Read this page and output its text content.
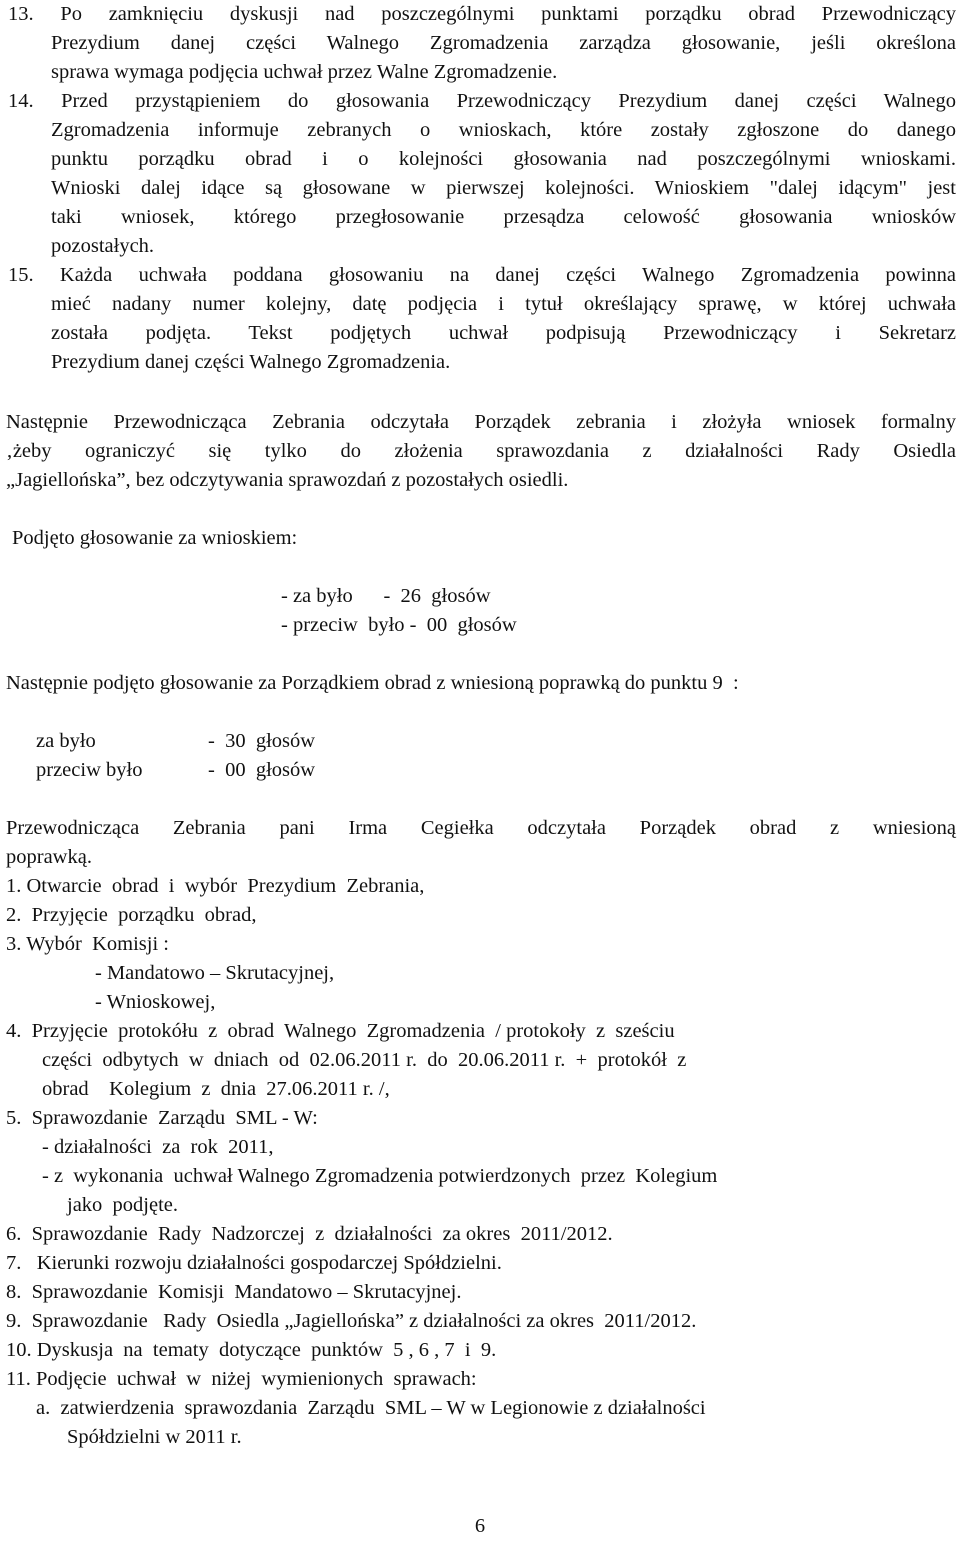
13. Po zamknięciu dyskusji nad poszczególnymi punktami porządku obrad Przewodniczący
Prezydium danej części Walnego Zgromadzenia zarządza głosowanie, jeśli określona
sprawa wymaga podjęcia uchwał przez Walne Zgromadzenie.
14. Przed przystąpieniem do głosowania Przewodniczący Prezydium danej części Walnego
Zgromadzenia informuje zebranych o wnioskach, które zostały zgłoszone do danego
punktu porządku obrad i o kolejności głosowania nad poszczególnymi wnioskami.
Wnioski dalej idące są głosowane w pierwszej kolejności. Wnioskiem "dalej idącym" jest
taki wniosek, którego przegłosowanie przesądza celowość głosowania wniosków
pozostałych.
15. Każda uchwała poddana głosowaniu na danej części Walnego Zgromadzenia powinna
mieć nadany numer kolejny, datę podjęcia i tytuł określający sprawę, w której uchwała
została podjęta. Tekst podjętych uchwał podpisują Przewodniczący i Sekretarz
Prezydium danej części Walnego Zgromadzenia.
Następnie Przewodnicząca Zebrania odczytała Porządek zebrania i złożyła wniosek formalny
‚żeby ograniczyć się tylko do złożenia sprawozdania z działalności Rady Osiedla
„Jagiellońska”, bez odczytywania sprawozdań z pozostałych osiedli.
Podjęto głosowanie za wnioskiem:
- za było      -  26  głosów
- przeciw  było -  00  głosów
Następnie podjęto głosowanie za Porządkiem obrad z wniesioną poprawką do punktu 9  :
za było	-  30  głosów
przeciw było	-  00  głosów
Przewodnicząca Zebrania pani Irma Cegiełka odczytała Porządek obrad z wniesioną
poprawką.
1. Otwarcie  obrad  i  wybór  Prezydium  Zebrania,
2.  Przyjęcie  porządku  obrad,
3. Wybór  Komisji :
- Mandatowo – Skrutacyjnej,
- Wnioskowej,
4.  Przyjęcie  protokółu  z  obrad  Walnego  Zgromadzenia  / protokoły  z  sześciu
części  odbytych  w  dniach  od  02.06.2011 r.  do  20.06.2011 r.  +  protokół  z
obrad    Kolegium  z  dnia  27.06.2011 r. /,
5.  Sprawozdanie  Zarządu  SML - W:
- działalności  za  rok  2011,
- z  wykonania  uchwał Walnego Zgromadzenia potwierdzonych  przez  Kolegium
jako  podjęte.
6.  Sprawozdanie  Rady  Nadzorczej  z  działalności  za okres  2011/2012.
7.   Kierunki rozwoju działalności gospodarczej Spółdzielni.
8.  Sprawozdanie  Komisji  Mandatowo – Skrutacyjnej.
9.  Sprawozdanie   Rady  Osiedla „Jagiellońska” z działalności za okres  2011/2012.
10. Dyskusja  na  tematy  dotyczące  punktów  5 , 6 , 7  i  9.
11. Podjęcie  uchwał  w  niżej  wymienionych  sprawach:
a.  zatwierdzenia  sprawozdania  Zarządu  SML – W w Legionowie z działalności
Spółdzielni w 2011 r.
6
